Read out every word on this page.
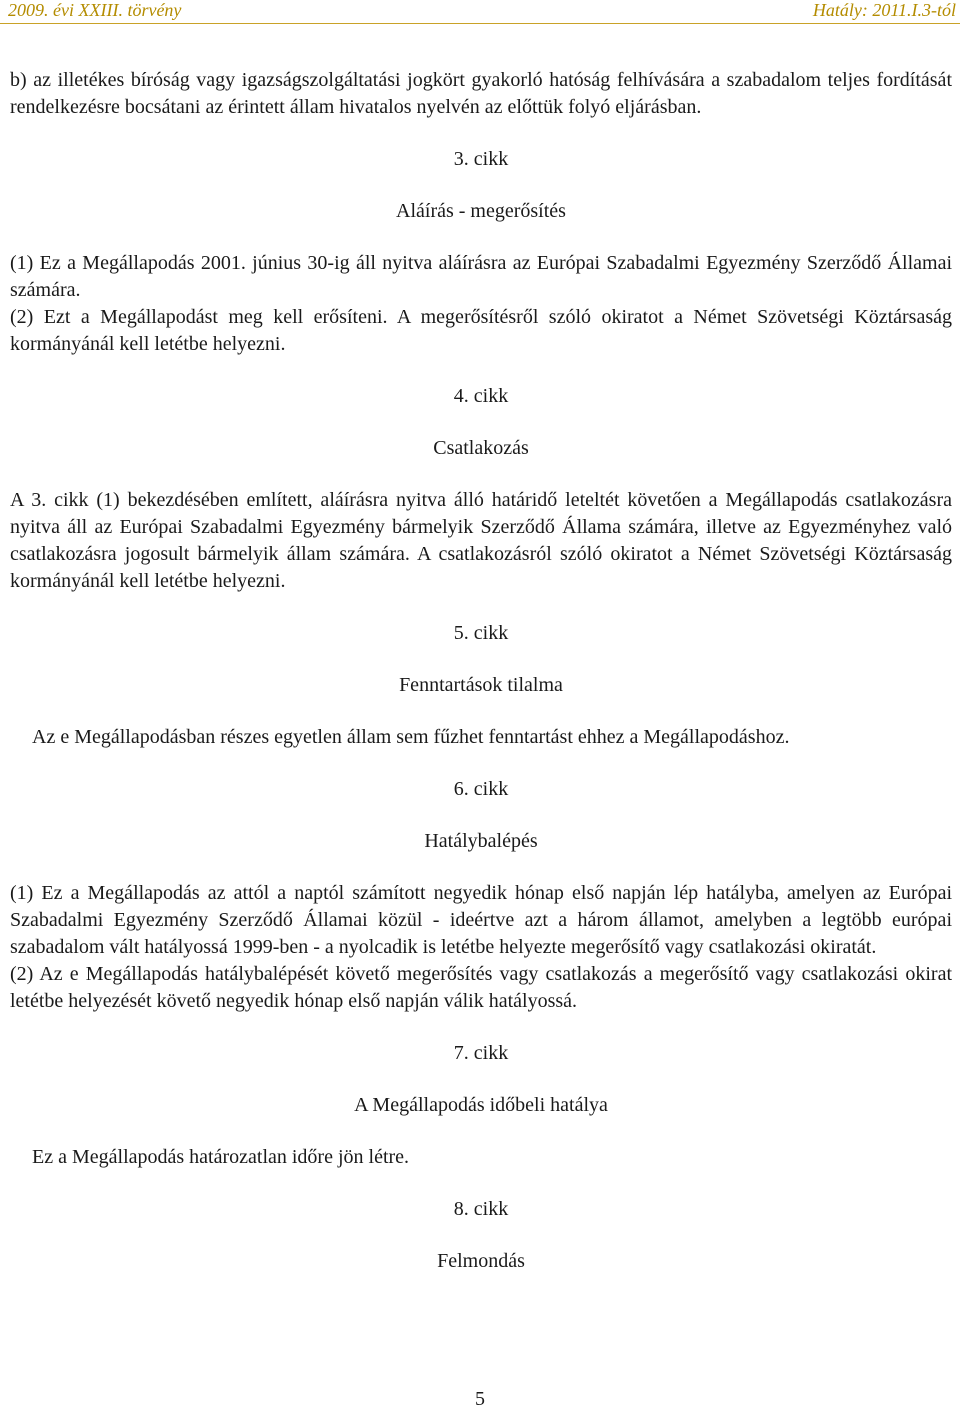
2009. évi XXIII. törvény	Hatály: 2011.I.3-tól

b) az illetékes bíróság vagy igazságszolgáltatási jogkört gyakorló hatóság felhívására a szabadalom teljes fordítását rendelkezésre bocsátani az érintett állam hivatalos nyelvén az előttük folyó eljárásban.

3. cikk

Aláírás - megerősítés

(1) Ez a Megállapodás 2001. június 30-ig áll nyitva aláírásra az Európai Szabadalmi Egyezmény Szerződő Államai számára.

(2) Ezt a Megállapodást meg kell erősíteni. A megerősítésről szóló okiratot a Német Szövetségi Köztársaság kormányánál kell letétbe helyezni.

4. cikk

Csatlakozás

A 3. cikk (1) bekezdésében említett, aláírásra nyitva álló határidő leteltét követően a Megállapodás csatlakozásra nyitva áll az Európai Szabadalmi Egyezmény bármelyik Szerződő Állama számára, illetve az Egyezményhez való csatlakozásra jogosult bármelyik állam számára. A csatlakozásról szóló okiratot a Német Szövetségi Köztársaság kormányánál kell letétbe helyezni.

5. cikk

Fenntartások tilalma

Az e Megállapodásban részes egyetlen állam sem fűzhet fenntartást ehhez a Megállapodáshoz.

6. cikk

Hatálybalépés

(1) Ez a Megállapodás az attól a naptól számított negyedik hónap első napján lép hatályba, amelyen az Európai Szabadalmi Egyezmény Szerződő Államai közül - ideértve azt a három államot, amelyben a legtöbb európai szabadalom vált hatályossá 1999-ben - a nyolcadik is letétbe helyezte megerősítő vagy csatlakozási okiratát.

(2) Az e Megállapodás hatálybalépését követő megerősítés vagy csatlakozás a megerősítő vagy csatlakozási okirat letétbe helyezését követő negyedik hónap első napján válik hatályossá.

7. cikk

A Megállapodás időbeli hatálya

Ez a Megállapodás határozatlan időre jön létre.

8. cikk

Felmondás

5
